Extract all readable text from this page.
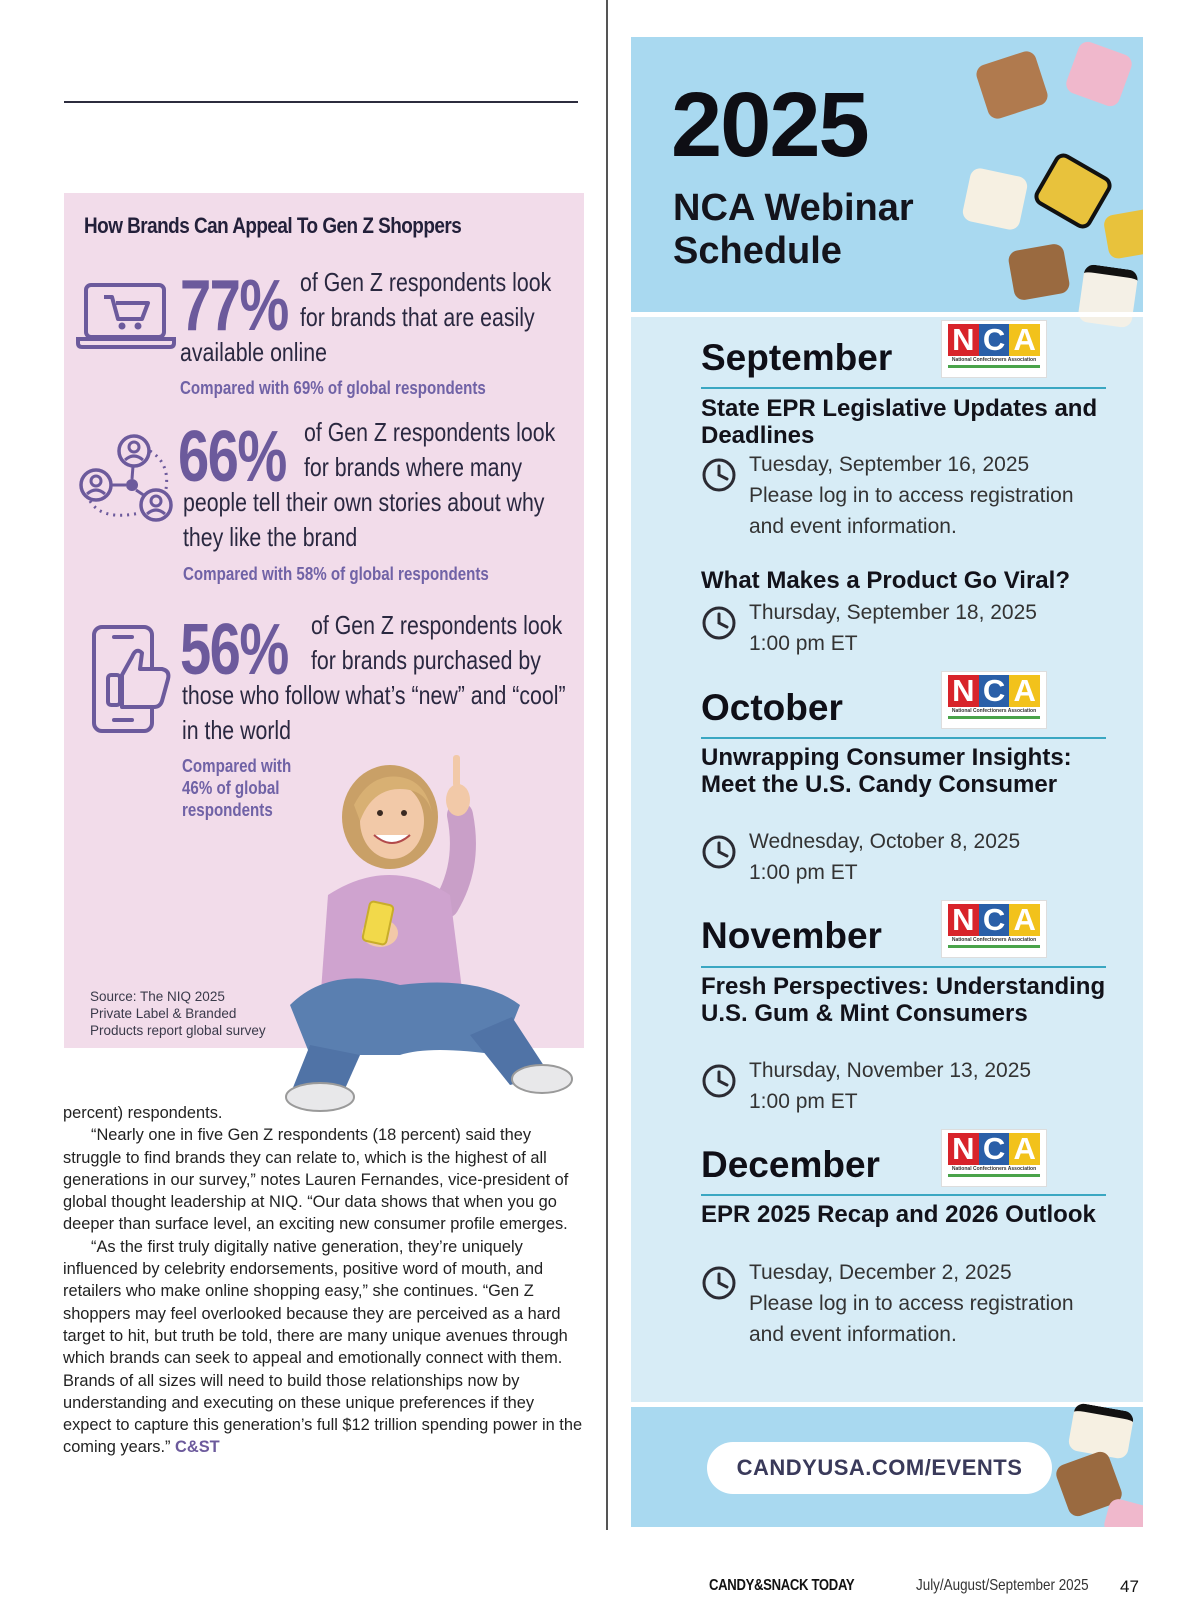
How Brands Can Appeal To Gen Z Shoppers
77% of Gen Z respondents look
for brands that are easily
available online
Compared with 69% of global respondents
66% of Gen Z respondents look
for brands where many
people tell their own stories about why
they like the brand
Compared with 58% of global respondents
56% of Gen Z respondents look
for brands purchased by
those who follow what’s “new” and “cool”
in the world
Compared with
46% of global
respondents
Source: The NIQ 2025
Private Label & Branded
Products report global survey

percent) respondents.

“Nearly one in five Gen Z respondents (18 percent) said they struggle to find brands they can relate to, which is the highest of all generations in our survey,” notes Lauren Fernandes, vice-president of global thought leadership at NIQ. “Our data shows that when you go deeper than surface level, an exciting new consumer profile emerges.

“As the first truly digitally native generation, they’re uniquely influenced by celebrity endorsements, positive word of mouth, and retailers who make online shopping easy,” she continues. “Gen Z shoppers may feel overlooked because they are perceived as a hard target to hit, but truth be told, there are many unique avenues through which brands can seek to appeal and emotionally connect with them. Brands of all sizes will need to build those relationships now by understanding and executing on these unique preferences if they expect to capture this generation’s full $12 trillion spending power in the coming years.” C&ST

2025
NCA Webinar
Schedule
September N C A
National Confectioners Association
State EPR Legislative Updates and Deadlines
Tuesday, September 16, 2025
Please log in to access registration
and event information.
What Makes a Product Go Viral?
Thursday, September 18, 2025
1:00 pm ET
October	N C A
National Confectioners Association
Unwrapping Consumer Insights: Meet the U.S. Candy Consumer
Wednesday, October 8, 2025
1:00 pm ET
November N C A
National Confectioners Association
Fresh Perspectives: Understanding U.S. Gum & Mint Consumers
Thursday, November 13, 2025
1:00 pm ET
December N C A
National Confectioners Association
EPR 2025 Recap and 2026 Outlook
Tuesday, December 2, 2025
Please log in to access registration
and event information.
CANDYUSA.COM/EVENTS
CANDY&SNACK TODAY	July/August/September 2025 47
